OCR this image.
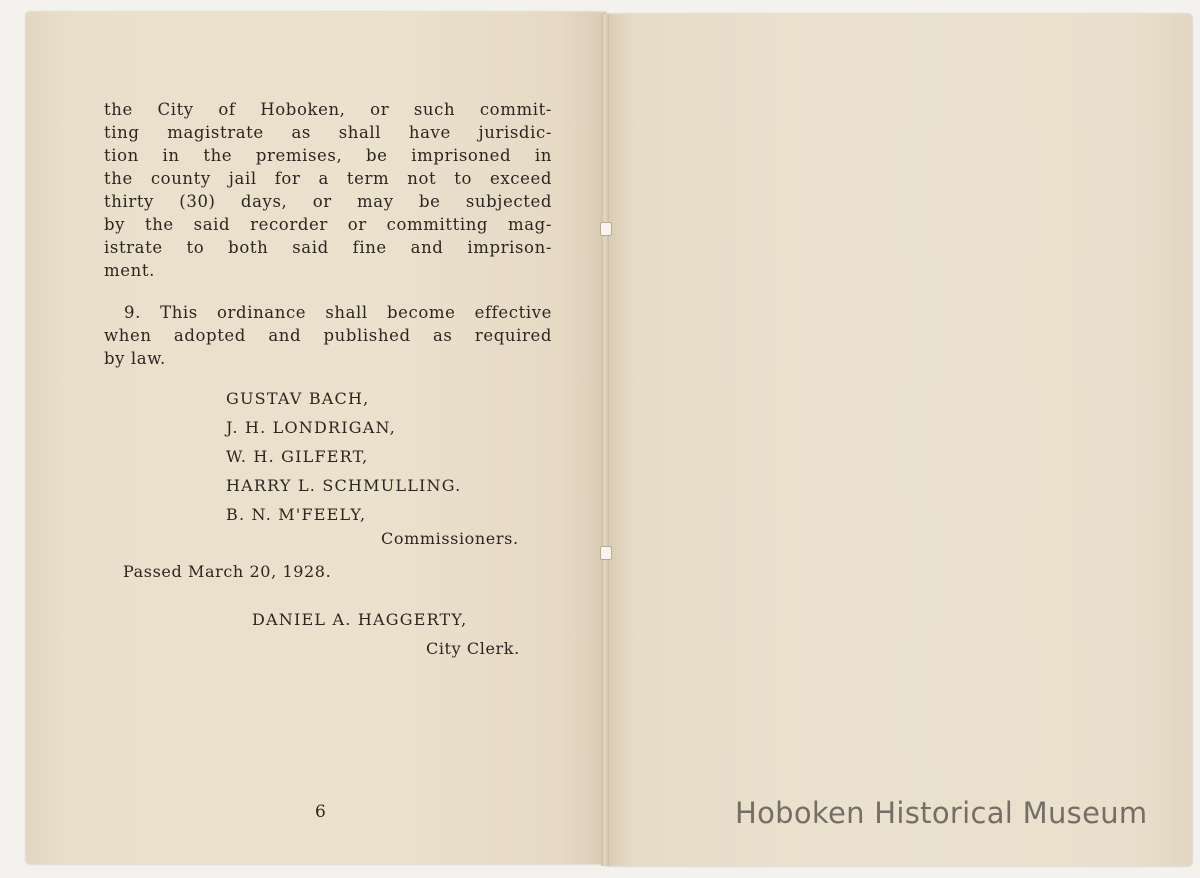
the City of Hoboken, or such commit-
ting magistrate as shall have jurisdic-
tion in the premises, be imprisoned in
the county jail for a term not to exceed
thirty (30) days, or may be subjected
by the said recorder or committing mag-
istrate to both said fine and imprison-
ment.
9. This ordinance shall become effective
when adopted and published as required
by law.
GUSTAV BACH,
J. H. LONDRIGAN,
W. H. GILFERT,
HARRY L. SCHMULLING.
B. N. M'FEELY,
Commissioners.
Passed March 20, 1928.
DANIEL A. HAGGERTY,
City Clerk.
6	Hoboken Historical Museum
